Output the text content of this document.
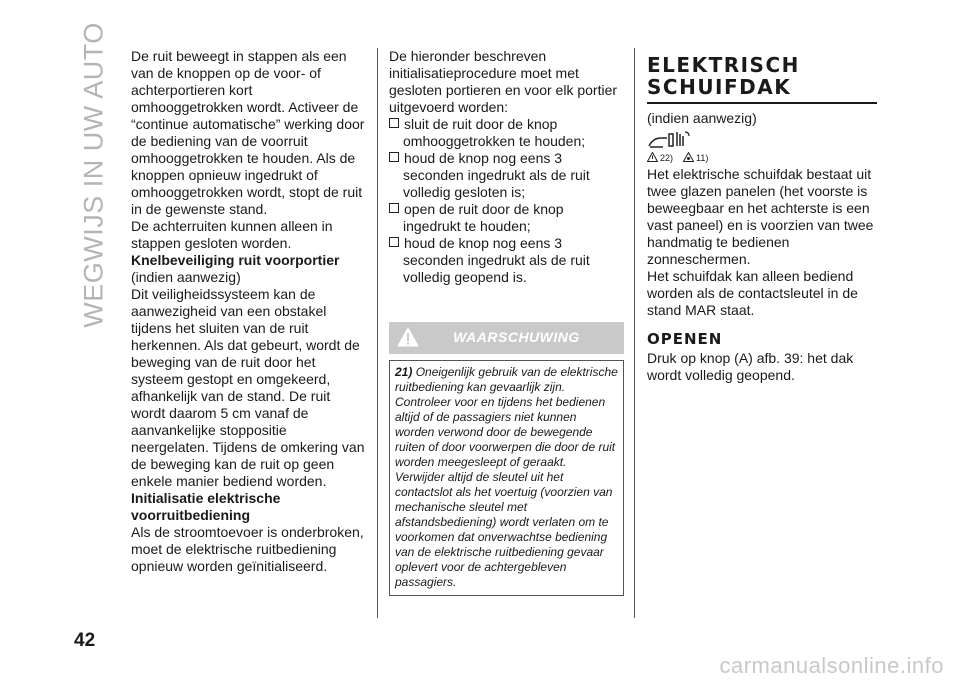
WEGWIJS IN UW AUTO
42

De ruit beweegt in stappen als een van de knoppen op de voor- of achterportieren kort omhooggetrokken wordt. Activeer de “continue automatische” werking door de bediening van de voorruit omhooggetrokken te houden. Als de knoppen opnieuw ingedrukt of omhooggetrokken wordt, stopt de ruit in de gewenste stand.

De achterruiten kunnen alleen in stappen gesloten worden.

Knelbeveiliging ruit voorportier

(indien aanwezig)

Dit veiligheidssysteem kan de aanwezigheid van een obstakel tijdens het sluiten van de ruit herkennen. Als dat gebeurt, wordt de beweging van de ruit door het systeem gestopt en omgekeerd, afhankelijk van de stand. De ruit wordt daarom 5 cm vanaf de aanvankelijke stoppositie neergelaten. Tijdens de omkering van de beweging kan de ruit op geen enkele manier bediend worden.

Initialisatie elektrische voorruitbediening

Als de stroomtoevoer is onderbroken, moet de elektrische ruitbediening opnieuw worden geïnitialiseerd.

De hieronder beschreven initialisatieprocedure moet met gesloten portieren en voor elk portier uitgevoerd worden:

sluit de ruit door de knop omhooggetrokken te houden;
houd de knop nog eens 3 seconden ingedrukt als de ruit volledig gesloten is;
open de ruit door de knop ingedrukt te houden;
houd de knop nog eens 3 seconden ingedrukt als de ruit volledig geopend is.
WAARSCHUWING
21) Oneigenlijk gebruik van de elektrische ruitbediening kan gevaarlijk zijn. Controleer voor en tijdens het bedienen altijd of de passagiers niet kunnen worden verwond door de bewegende ruiten of door voorwerpen die door de ruit worden meegesleept of geraakt. Verwijder altijd de sleutel uit het contactslot als het voertuig (voorzien van mechanische sleutel met afstandsbediening) wordt verlaten om te voorkomen dat onverwachtse bediening van de elektrische ruitbediening gevaar oplevert voor de achtergebleven passagiers.
ELEKTRISCH
SCHUIFDAK

(indien aanwezig)

22)	11)

Het elektrische schuifdak bestaat uit twee glazen panelen (het voorste is beweegbaar en het achterste is een vast paneel) en is voorzien van twee handmatig te bedienen zonneschermen.

Het schuifdak kan alleen bediend worden als de contactsleutel in de stand MAR staat.

OPENEN

Druk op knop (A) afb. 39: het dak wordt volledig geopend.

carmanualsonline.info
